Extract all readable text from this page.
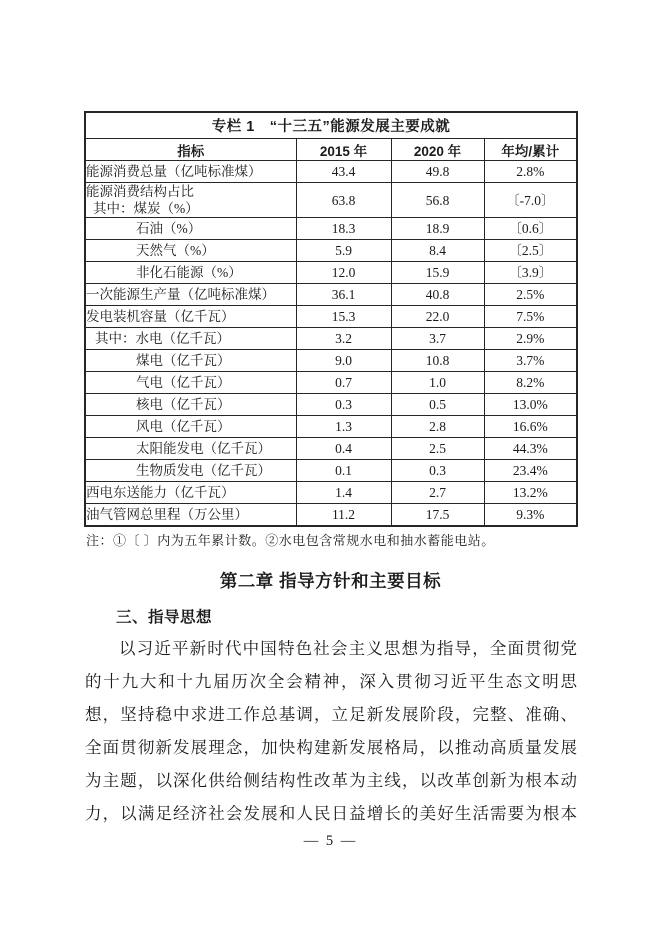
专栏 1　“十三五”能源发展主要成就			
指标	2015 年	2020 年	年均/累计

能源消费总量（亿吨标准煤）	43.4	49.8	2.8%

能源消费结构占比
其中：煤炭（%）	63.8	56.8	〔-7.0〕

石油（%）	18.3	18.9	〔0.6〕

天然气（%）	5.9	8.4	〔2.5〕

非化石能源（%）	12.0	15.9	〔3.9〕

一次能源生产量（亿吨标准煤）	36.1	40.8	2.5%

发电装机容量（亿千瓦）	15.3	22.0	7.5%

其中：水电（亿千瓦）	3.2	3.7	2.9%

煤电（亿千瓦）	9.0	10.8	3.7%

气电（亿千瓦）	0.7	1.0	8.2%

核电（亿千瓦）	0.3	0.5	13.0%

风电（亿千瓦）	1.3	2.8	16.6%

太阳能发电（亿千瓦）	0.4	2.5	44.3%

生物质发电（亿千瓦）	0.1	0.3	23.4%

西电东送能力（亿千瓦）	1.4	2.7	13.2%

油气管网总里程（万公里）	11.2	17.5	9.3%
注：①〔 〕内为五年累计数。②水电包含常规水电和抽水蓄能电站。
第二章 指导方针和主要目标
三、指导思想
以习近平新时代中国特色社会主义思想为指导，全面贯彻党
的十九大和十九届历次全会精神，深入贯彻习近平生态文明思
想，坚持稳中求进工作总基调，立足新发展阶段，完整、准确、
全面贯彻新发展理念，加快构建新发展格局，以推动高质量发展
为主题，以深化供给侧结构性改革为主线，以改革创新为根本动
力，以满足经济社会发展和人民日益增长的美好生活需要为根本
— 5 —
